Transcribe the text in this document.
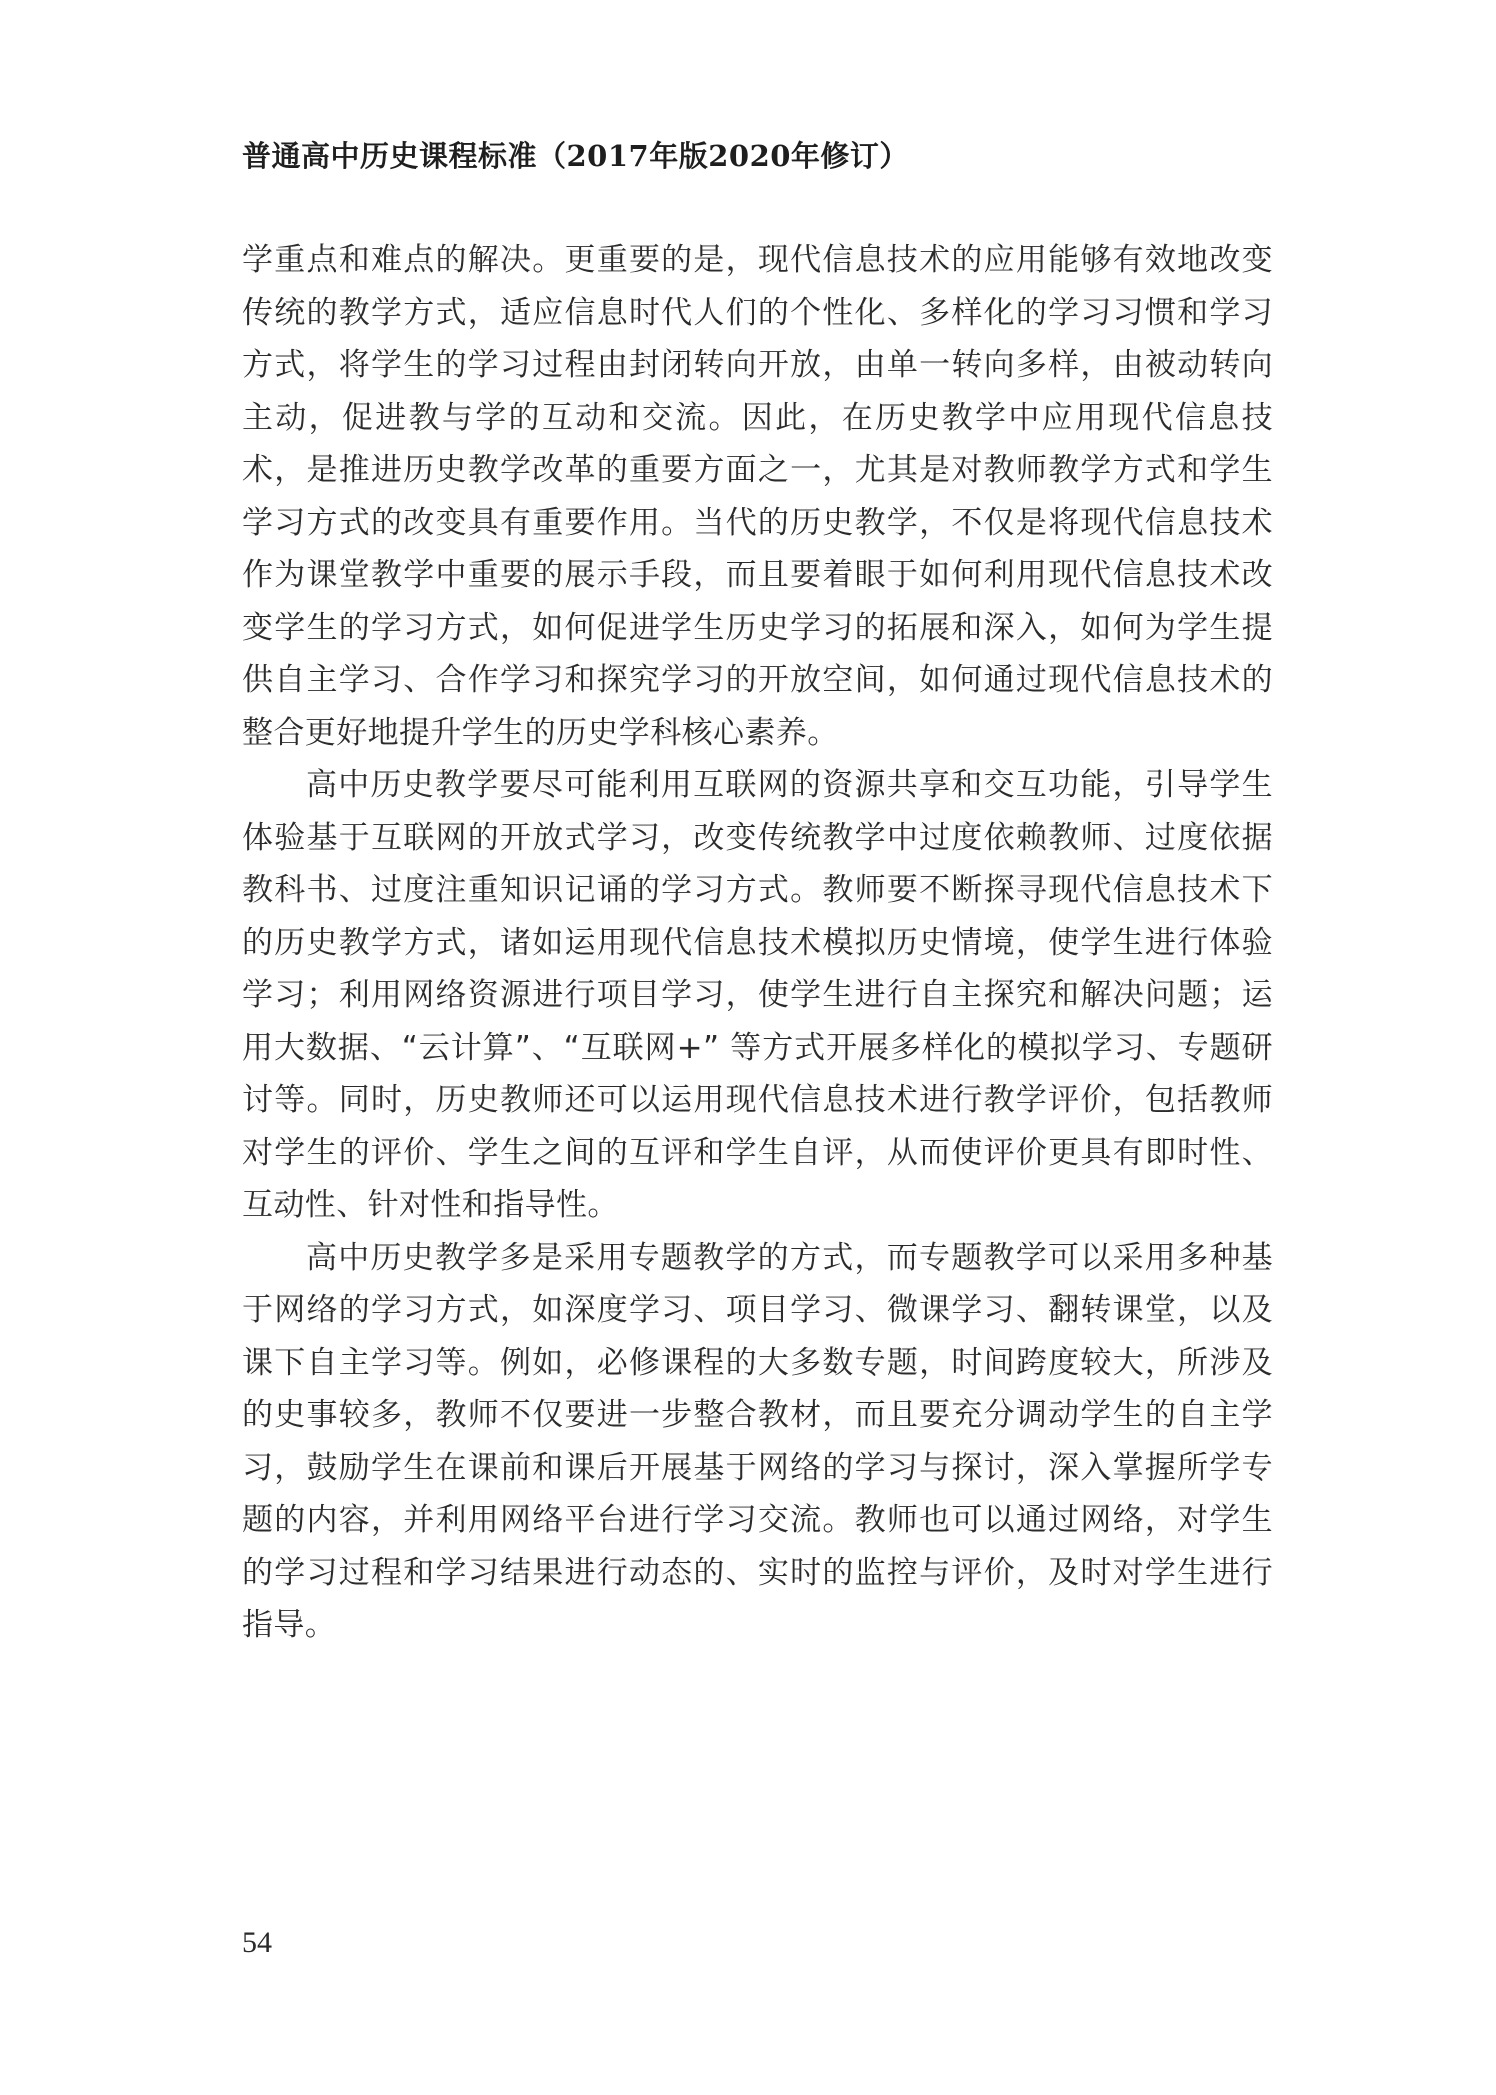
普通高中历史课程标准（2017年版2020年修订）

学重点和难点的解决。更重要的是，现代信息技术的应用能够有效地改变传统的教学方式，适应信息时代人们的个性化、多样化的学习习惯和学习方式，将学生的学习过程由封闭转向开放，由单一转向多样，由被动转向主动，促进教与学的互动和交流。因此，在历史教学中应用现代信息技术，是推进历史教学改革的重要方面之一，尤其是对教师教学方式和学生学习方式的改变具有重要作用。当代的历史教学，不仅是将现代信息技术作为课堂教学中重要的展示手段，而且要着眼于如何利用现代信息技术改变学生的学习方式，如何促进学生历史学习的拓展和深入，如何为学生提供自主学习、合作学习和探究学习的开放空间，如何通过现代信息技术的整合更好地提升学生的历史学科核心素养。

高中历史教学要尽可能利用互联网的资源共享和交互功能，引导学生体验基于互联网的开放式学习，改变传统教学中过度依赖教师、过度依据教科书、过度注重知识记诵的学习方式。教师要不断探寻现代信息技术下的历史教学方式，诸如运用现代信息技术模拟历史情境，使学生进行体验学习；利用网络资源进行项目学习，使学生进行自主探究和解决问题；运用大数据、“云计算”、“互联网+” 等方式开展多样化的模拟学习、专题研讨等。同时，历史教师还可以运用现代信息技术进行教学评价，包括教师对学生的评价、学生之间的互评和学生自评，从而使评价更具有即时性、互动性、针对性和指导性。

高中历史教学多是采用专题教学的方式，而专题教学可以采用多种基于网络的学习方式，如深度学习、项目学习、微课学习、翻转课堂，以及课下自主学习等。例如，必修课程的大多数专题，时间跨度较大，所涉及的史事较多，教师不仅要进一步整合教材，而且要充分调动学生的自主学习，鼓励学生在课前和课后开展基于网络的学习与探讨，深入掌握所学专题的内容，并利用网络平台进行学习交流。教师也可以通过网络，对学生的学习过程和学习结果进行动态的、实时的监控与评价，及时对学生进行指导。

54
